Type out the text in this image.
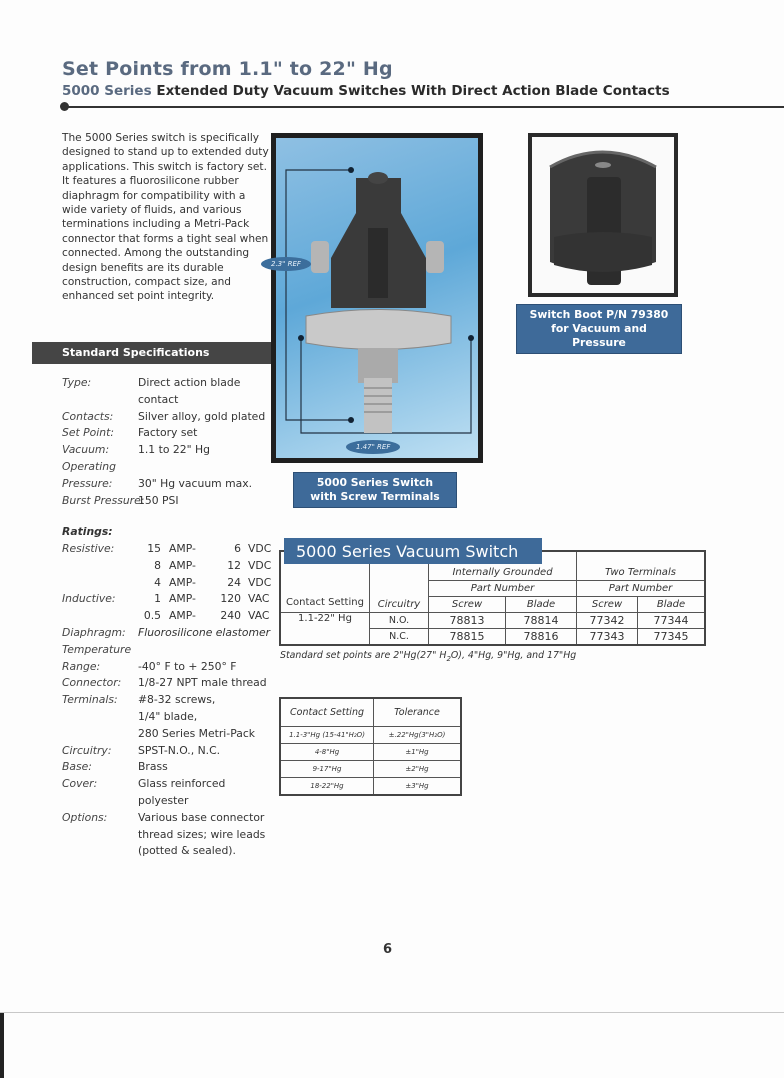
Set Points from 1.1" to 22" Hg
5000 Series Extended Duty Vacuum Switches With Direct Action Blade Contacts
The 5000 Series switch is specifically designed to stand up to extended duty applications. This switch is factory set. It features a fluorosilicone rubber diaphragm for compatibility with a wide variety of fluids, and various terminations including a Metri-Pack connector that forms a tight seal when connected. Among the outstanding design benefits are its durable construction, compact size, and enhanced set point integrity.
Standard Specifications
Type:	Direct action blade contact
Contacts:	Silver alloy, gold plated
Set Point:	Factory set
Vacuum:	1.1 to 22" Hg
Operating
Pressure:	30" Hg vacuum max.
Burst Pressure:
150 PSI
Ratings:
Resistive:	15 AMP-	6 VDC
8 AMP-	12 VDC
4 AMP-	24 VDC
Inductive:	1 AMP-	120 VAC
0.5 AMP-	240 VAC
Diaphragm:	Fluorosilicone elastomer
Temperature
Range:	-40° F to + 250° F
Connector:	1/8-27 NPT male thread
Terminals:	#8-32 screws,
1/4" blade,
280 Series Metri-Pack
Circuitry:	SPST-N.O., N.C.
Base:	Brass
Cover:	Glass reinforced polyester
Options:	Various base connector thread sizes; wire leads (potted & sealed).
2.3" REF
1.47" REF
5000 Series Switch
with Screw Terminals
Switch Boot P/N 79380
for Vacuum and Pressure
Contact Setting	Circuitry	Internally Grounded		Two Terminals	
		Part Number		Part Number	
		Screw	Blade	Screw	Blade
1.1-22" Hg	N.O.	78813	78814	77342	77344
	N.C.	78815	78816	77343	77345
5000 Series Vacuum Switch
Standard set points are 2"Hg(27" $H_2O$), 4"Hg, 9"Hg, and 17"Hg
Contact Setting	Tolerance
1.1-3"Hg (15-41"H₂O)	±.22"Hg(3"H₂O)
4-8"Hg	±1"Hg
9-17"Hg	±2"Hg
18-22"Hg	±3"Hg
6
